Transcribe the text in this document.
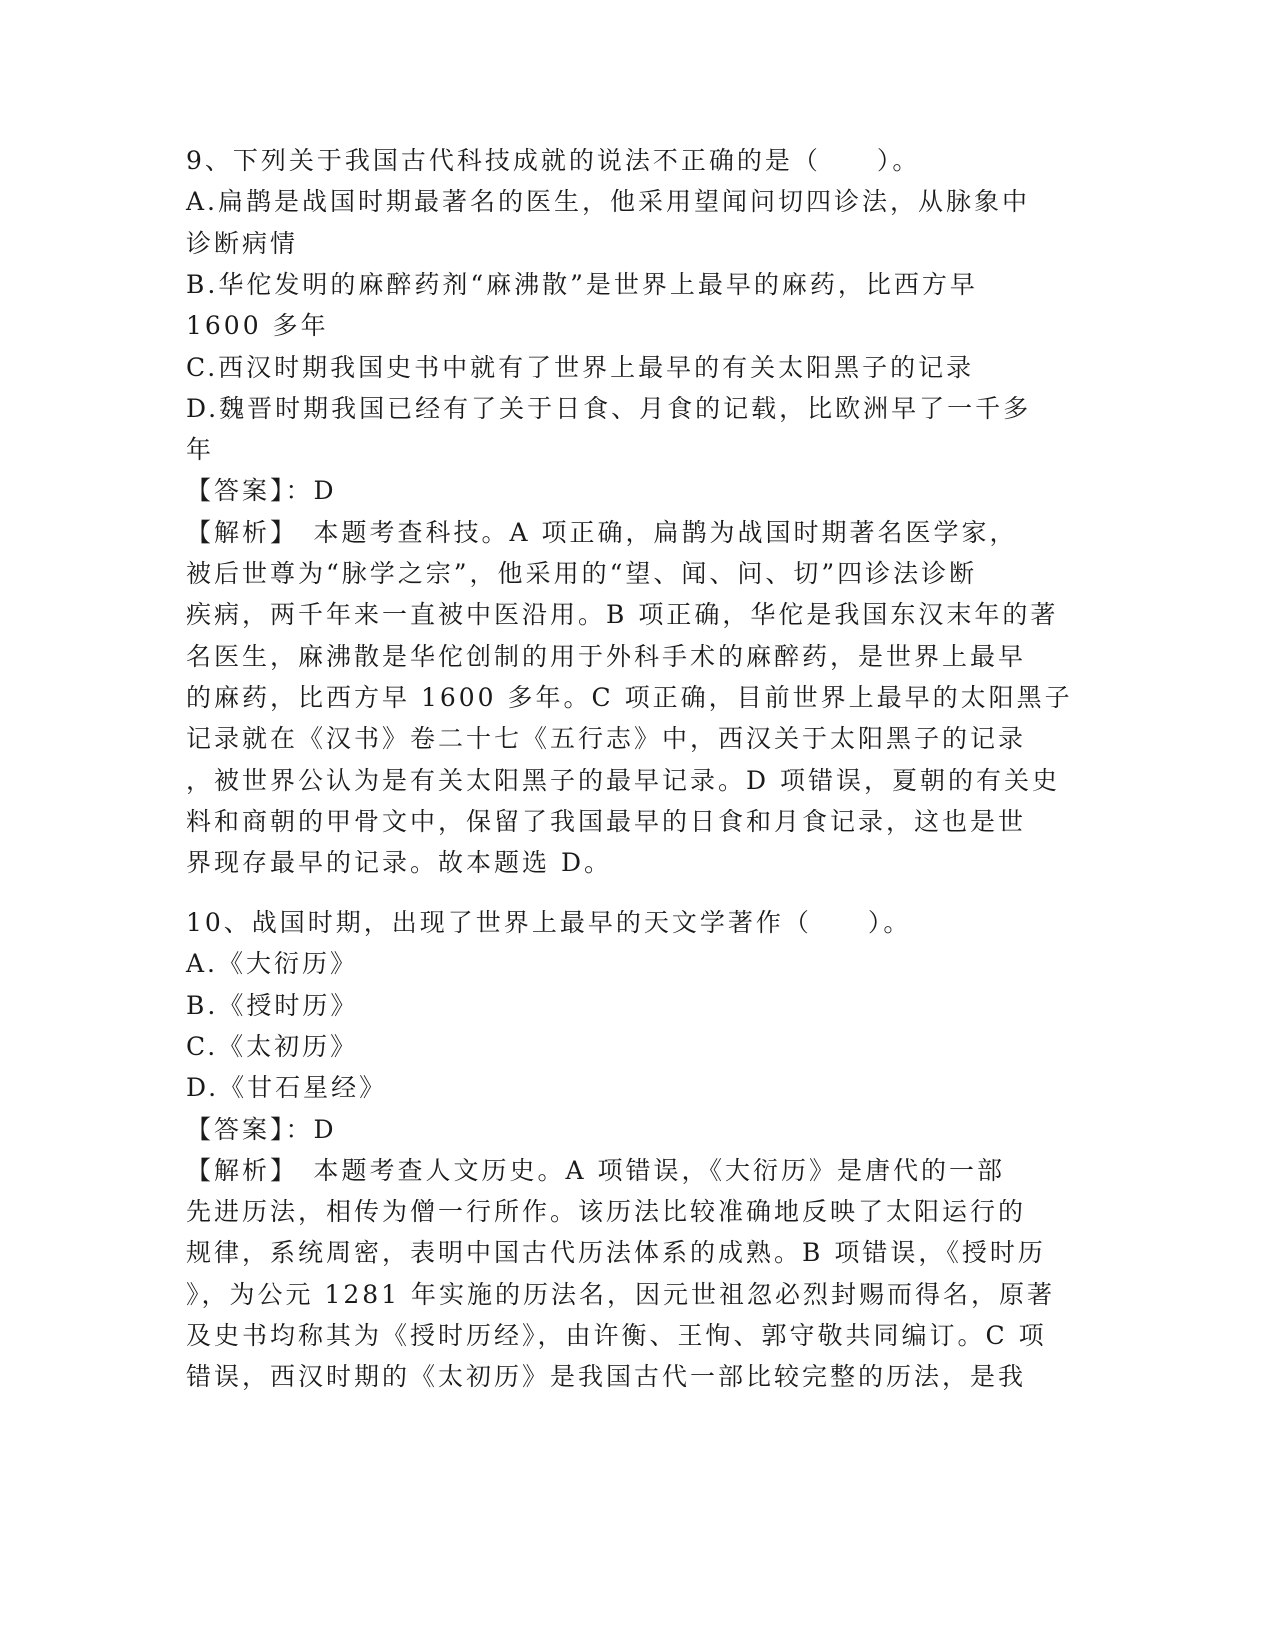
9、下列关于我国古代科技成就的说法不正确的是（　　）。
A.扁鹊是战国时期最著名的医生，他采用望闻问切四诊法，从脉象中
诊断病情
B.华佗发明的麻醉药剂“麻沸散”是世界上最早的麻药，比西方早
1600 多年
C.西汉时期我国史书中就有了世界上最早的有关太阳黑子的记录
D.魏晋时期我国已经有了关于日食、月食的记载，比欧洲早了一千多
年
【答案】：D
【解析】　本题考查科技。A 项正确，扁鹊为战国时期著名医学家，
被后世尊为“脉学之宗”，他采用的“望、闻、问、切”四诊法诊断
疾病，两千年来一直被中医沿用。B 项正确，华佗是我国东汉末年的著
名医生，麻沸散是华佗创制的用于外科手术的麻醉药，是世界上最早
的麻药，比西方早 1600 多年。C 项正确，目前世界上最早的太阳黑子
记录就在《汉书》卷二十七《五行志》中，西汉关于太阳黑子的记录
，被世界公认为是有关太阳黑子的最早记录。D 项错误，夏朝的有关史
料和商朝的甲骨文中，保留了我国最早的日食和月食记录，这也是世
界现存最早的记录。故本题选 D。
10、战国时期，出现了世界上最早的天文学著作（　　）。
A.《大衍历》
B.《授时历》
C.《太初历》
D.《甘石星经》
【答案】：D
【解析】　本题考查人文历史。A 项错误，《大衍历》是唐代的一部
先进历法，相传为僧一行所作。该历法比较准确地反映了太阳运行的
规律，系统周密，表明中国古代历法体系的成熟。B 项错误，《授时历
》，为公元 1281 年实施的历法名，因元世祖忽必烈封赐而得名，原著
及史书均称其为《授时历经》，由许衡、王恂、郭守敬共同编订。C 项
错误，西汉时期的《太初历》是我国古代一部比较完整的历法，是我
